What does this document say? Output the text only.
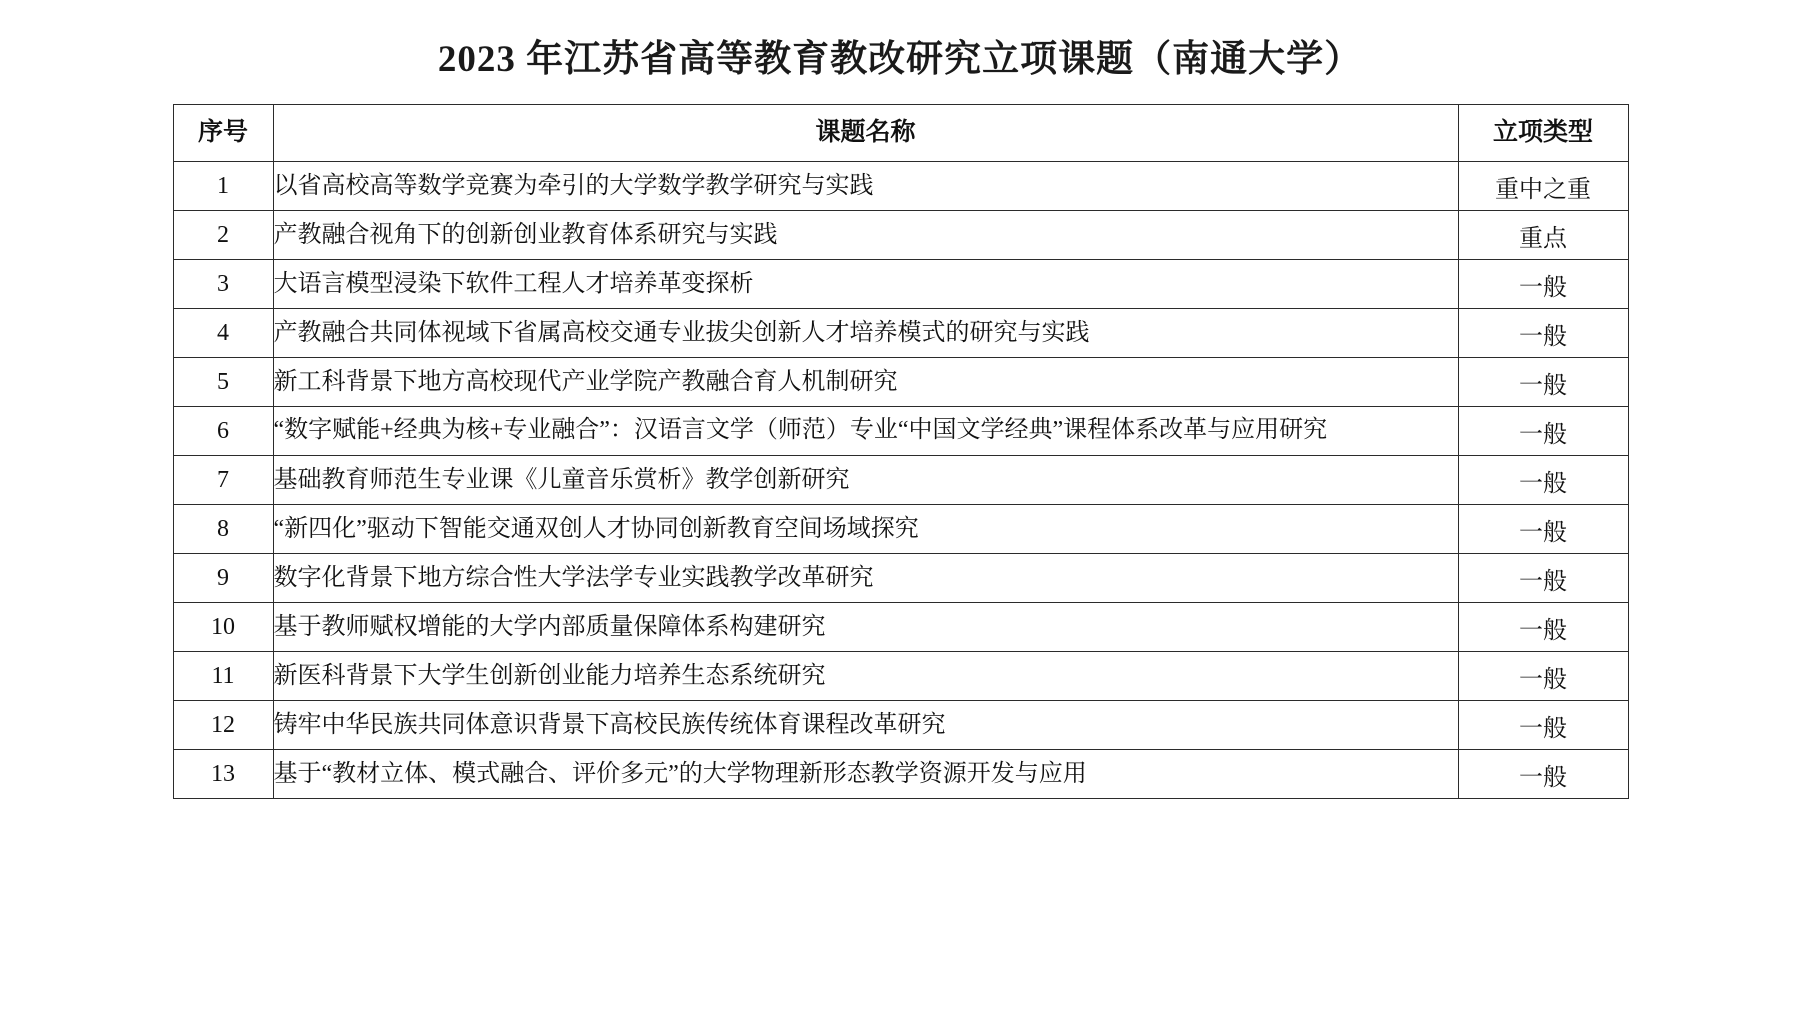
2023 年江苏省高等教育教改研究立项课题（南通大学）
序号	课题名称	立项类型
1	以省高校高等数学竞赛为牵引的大学数学教学研究与实践	重中之重
2	产教融合视角下的创新创业教育体系研究与实践	重点
3	大语言模型浸染下软件工程人才培养革变探析	一般
4	产教融合共同体视域下省属高校交通专业拔尖创新人才培养模式的研究与实践	一般
5	新工科背景下地方高校现代产业学院产教融合育人机制研究	一般
6	“数字赋能+经典为核+专业融合”：汉语言文学（师范）专业“中国文学经典”课程体系改革与应用研究	一般
7	基础教育师范生专业课《儿童音乐赏析》教学创新研究	一般
8	“新四化”驱动下智能交通双创人才协同创新教育空间场域探究	一般
9	数字化背景下地方综合性大学法学专业实践教学改革研究	一般
10	基于教师赋权增能的大学内部质量保障体系构建研究	一般
11	新医科背景下大学生创新创业能力培养生态系统研究	一般
12	铸牢中华民族共同体意识背景下高校民族传统体育课程改革研究	一般
13	基于“教材立体、模式融合、评价多元”的大学物理新形态教学资源开发与应用	一般
